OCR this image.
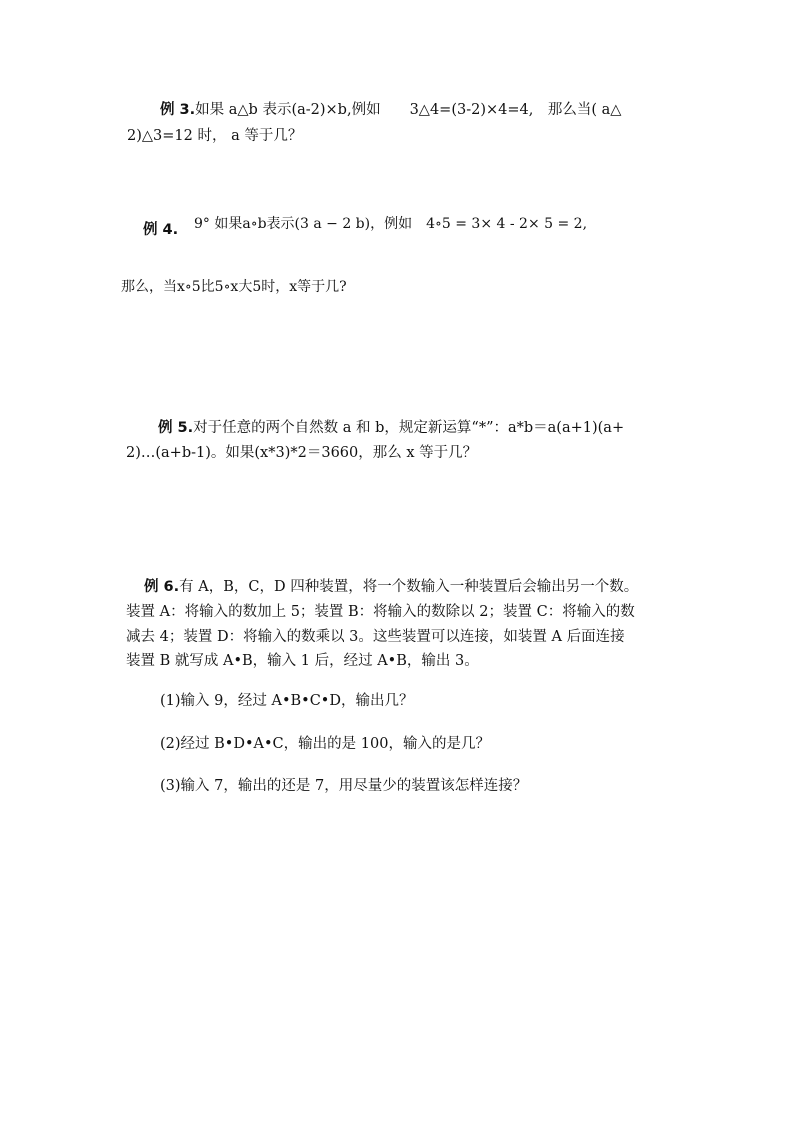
例 3.如果 a△b 表示(a-2)×b,例如　　3△4=(3-2)×4=4,　那么当( a△
2)△3=12 时， a 等于几？
例 4. 9° 如果a∘b表示(3 a − 2 b)，例如　4∘5 = 3× 4 - 2× 5 = 2,
那么，当x∘5比5∘x大5时，x等于几?
例 5.对于任意的两个自然数 a 和 b，规定新运算“*”：a*b＝a(a+1)(a+
2)…(a+b-1)。如果(x*3)*2＝3660，那么 x 等于几？
例 6.有 A，B，C，D 四种装置，将一个数输入一种装置后会输出另一个数。
装置 A：将输入的数加上 5；装置 B：将输入的数除以 2；装置 C：将输入的数
减去 4；装置 D：将输入的数乘以 3。这些装置可以连接，如装置 A 后面连接
装置 B 就写成 A•B，输入 1 后，经过 A•B，输出 3。
(1)输入 9，经过 A•B•C•D，输出几？
(2)经过 B•D•A•C，输出的是 100，输入的是几？
(3)输入 7，输出的还是 7，用尽量少的装置该怎样连接？
